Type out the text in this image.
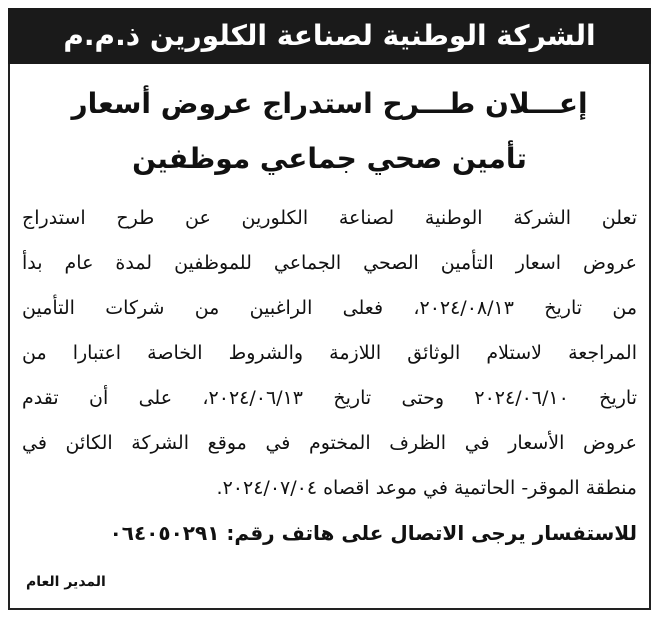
الشركة الوطنية لصناعة الكلورين ذ.م.م
إعـــلان طـــرح استدراج عروض أسعار
تأمين صحي جماعي موظفين
تعلن الشركة الوطنية لصناعة الكلورين عن طرح استدراج
عروض اسعار التأمين الصحي الجماعي للموظفين لمدة عام بدأ
من تاريخ ٢٠٢٤/٠٨/١٣، فعلى الراغبين من شركات التأمين
المراجعة لاستلام الوثائق اللازمة والشروط الخاصة اعتبارا من
تاريخ ٢٠٢٤/٠٦/١٠ وحتى تاريخ ٢٠٢٤/٠٦/١٣، على أن تقدم
عروض الأسعار في الظرف المختوم في موقع الشركة الكائن في
منطقة الموقر- الحاتمية في موعد اقصاه ٢٠٢٤/٠٧/٠٤.
للاستفسار يرجى الاتصال على هاتف رقم: ٠٦٤٠٥٠٢٩١
المدير العام
